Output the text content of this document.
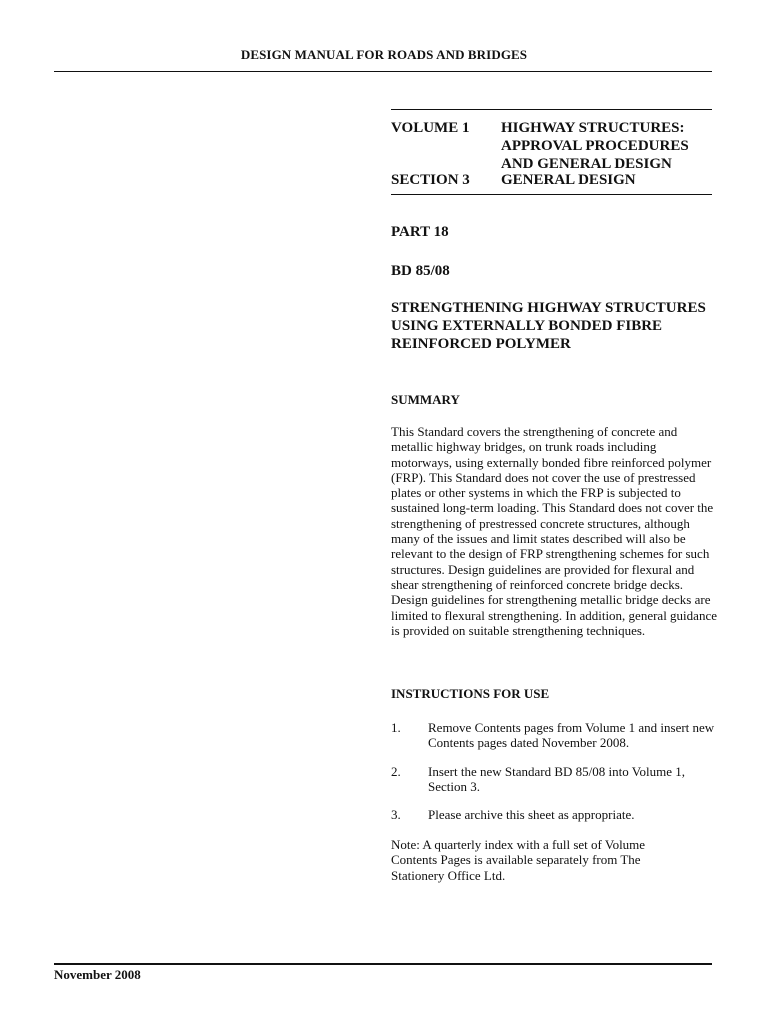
DESIGN MANUAL FOR ROADS AND BRIDGES
VOLUME 1 HIGHWAY STRUCTURES: APPROVAL PROCEDURES AND GENERAL DESIGN
SECTION 3 GENERAL DESIGN
PART 18
BD 85/08
STRENGTHENING HIGHWAY STRUCTURES USING EXTERNALLY BONDED FIBRE REINFORCED POLYMER
SUMMARY
This Standard covers the strengthening of concrete and metallic highway bridges, on trunk roads including motorways, using externally bonded fibre reinforced polymer (FRP). This Standard does not cover the use of prestressed plates or other systems in which the FRP is subjected to sustained long-term loading. This Standard does not cover the strengthening of prestressed concrete structures, although many of the issues and limit states described will also be relevant to the design of FRP strengthening schemes for such structures. Design guidelines are provided for flexural and shear strengthening of reinforced concrete bridge decks. Design guidelines for strengthening metallic bridge decks are limited to flexural strengthening. In addition, general guidance is provided on suitable strengthening techniques.
INSTRUCTIONS FOR USE
1. Remove Contents pages from Volume 1 and insert new Contents pages dated November 2008.
2. Insert the new Standard BD 85/08 into Volume 1, Section 3.
3. Please archive this sheet as appropriate.
Note: A quarterly index with a full set of Volume Contents Pages is available separately from The Stationery Office Ltd.
November 2008
